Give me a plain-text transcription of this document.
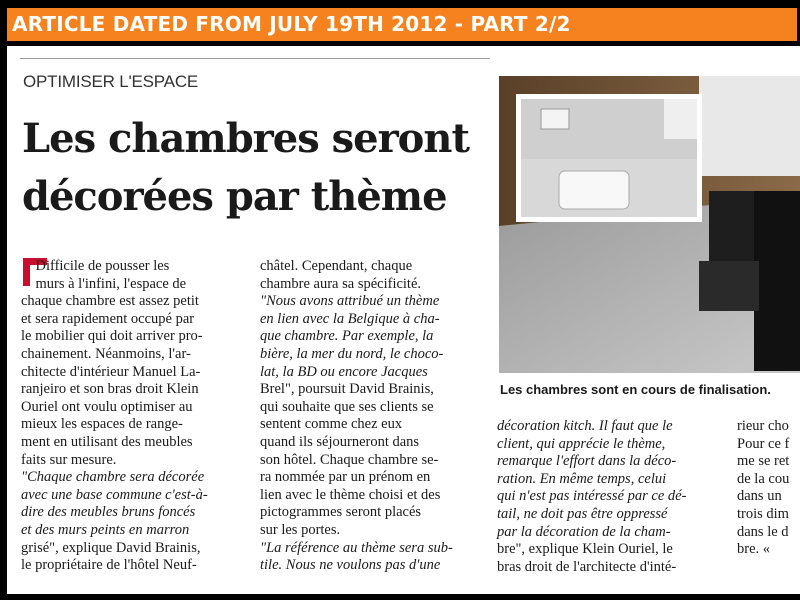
ARTICLE DATED FROM JULY 19TH 2012 - PART 2/2
OPTIMISER L'ESPACE
Les chambres seront
décorées par thème
Difficile de pousser les
murs à l'infini, l'espace de
chaque chambre est assez petit
et sera rapidement occupé par
le mobilier qui doit arriver pro-
chainement. Néanmoins, l'ar-
chitecte d'intérieur Manuel La-
ranjeiro et son bras droit Klein
Ouriel ont voulu optimiser au
mieux les espaces de range-
ment en utilisant des meubles
faits sur mesure.
"Chaque chambre sera décorée
avec une base commune c'est-à-
dire des meubles bruns foncés
et des murs peints en marron
grisé", explique David Brainis,
le propriétaire de l'hôtel Neuf-
châtel. Cependant, chaque
chambre aura sa spécificité.
"Nous avons attribué un thème
en lien avec la Belgique à cha-
que chambre. Par exemple, la
bière, la mer du nord, le choco-
lat, la BD ou encore Jacques
Brel", poursuit David Brainis,
qui souhaite que ses clients se
sentent comme chez eux
quand ils séjourneront dans
son hôtel. Chaque chambre se-
ra nommée par un prénom en
lien avec le thème choisi et des
pictogrammes seront placés
sur les portes.
"La référence au thème sera sub-
tile. Nous ne voulons pas d'une
décoration kitch. Il faut que le
client, qui apprécie le thème,
remarque l'effort dans la déco-
ration. En même temps, celui
qui n'est pas intéressé par ce dé-
tail, ne doit pas être oppressé
par la décoration de la cham-
bre", explique Klein Ouriel, le
bras droit de l'architecte d'inté-
rieur cho
Pour ce f
me se ret
de la cou
dans un
trois dim
dans le d
bre. «
Les chambres sont en cours de finalisation.
